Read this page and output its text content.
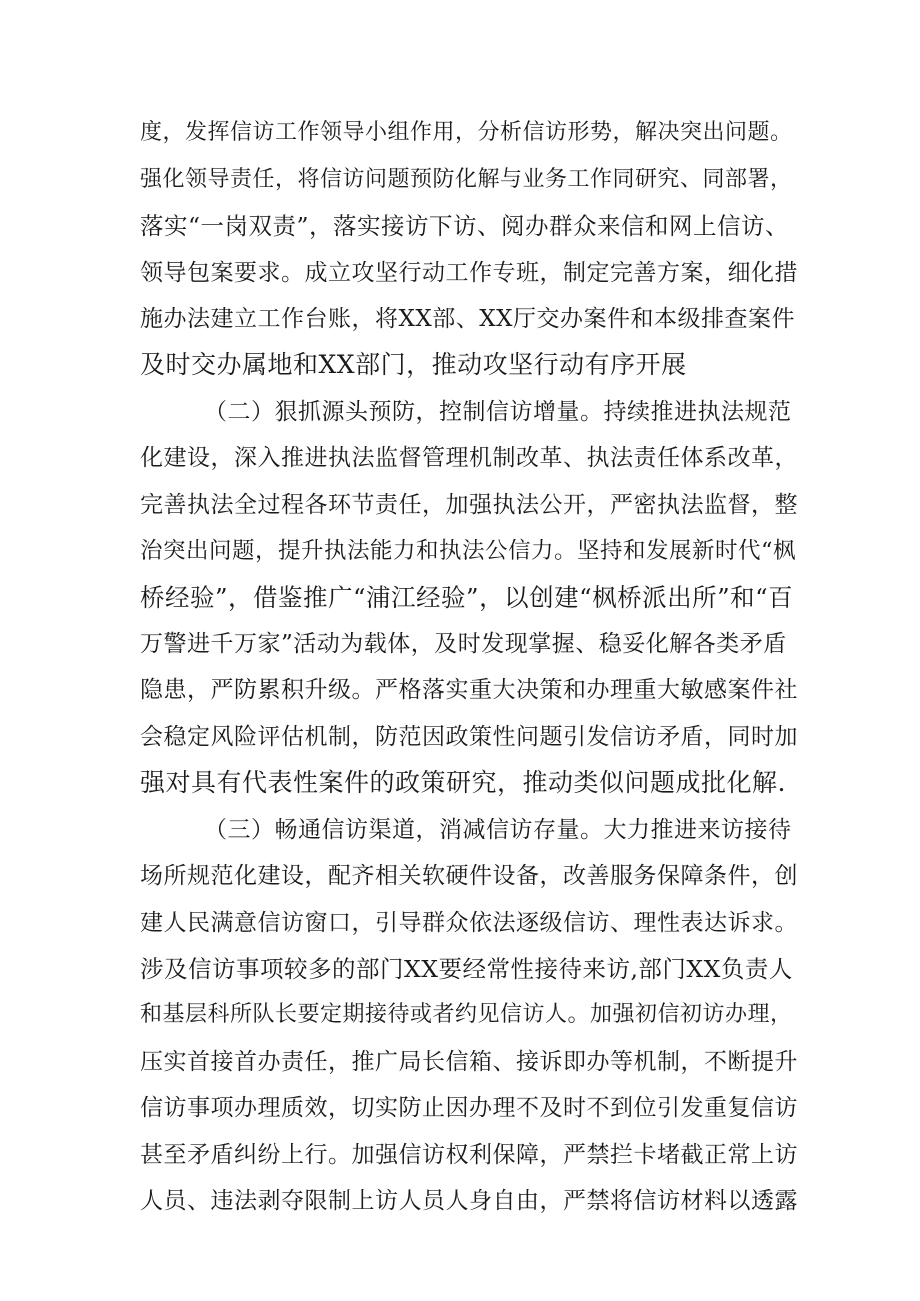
度，发挥信访工作领导小组作用，分析信访形势，解决突出问题。
强化领导责任，将信访问题预防化解与业务工作同研究、同部署，
落实“一岗双责”，落实接访下访、阅办群众来信和网上信访、
领导包案要求。成立攻坚行动工作专班，制定完善方案，细化措
施办法建立工作台账，将XX部、XX厅交办案件和本级排查案件
及时交办属地和XX部门，推动攻坚行动有序开展
（二）狠抓源头预防，控制信访增量。持续推进执法规范
化建设，深入推进执法监督管理机制改革、执法责任体系改革，
完善执法全过程各环节责任，加强执法公开，严密执法监督，整
治突出问题，提升执法能力和执法公信力。坚持和发展新时代“枫
桥经验”，借鉴推广“浦江经验”，以创建“枫桥派出所”和“百
万警进千万家”活动为载体，及时发现掌握、稳妥化解各类矛盾
隐患，严防累积升级。严格落实重大决策和办理重大敏感案件社
会稳定风险评估机制，防范因政策性问题引发信访矛盾，同时加
强对具有代表性案件的政策研究，推动类似问题成批化解.
（三）畅通信访渠道，消减信访存量。大力推进来访接待
场所规范化建设，配齐相关软硬件设备，改善服务保障条件，创
建人民满意信访窗口，引导群众依法逐级信访、理性表达诉求。
涉及信访事项较多的部门XX要经常性接待来访,部门XX负责人
和基层科所队长要定期接待或者约见信访人。加强初信初访办理，
压实首接首办责任，推广局长信箱、接诉即办等机制，不断提升
信访事项办理质效，切实防止因办理不及时不到位引发重复信访
甚至矛盾纠纷上行。加强信访权利保障，严禁拦卡堵截正常上访
人员、违法剥夺限制上访人员人身自由，严禁将信访材料以透露
